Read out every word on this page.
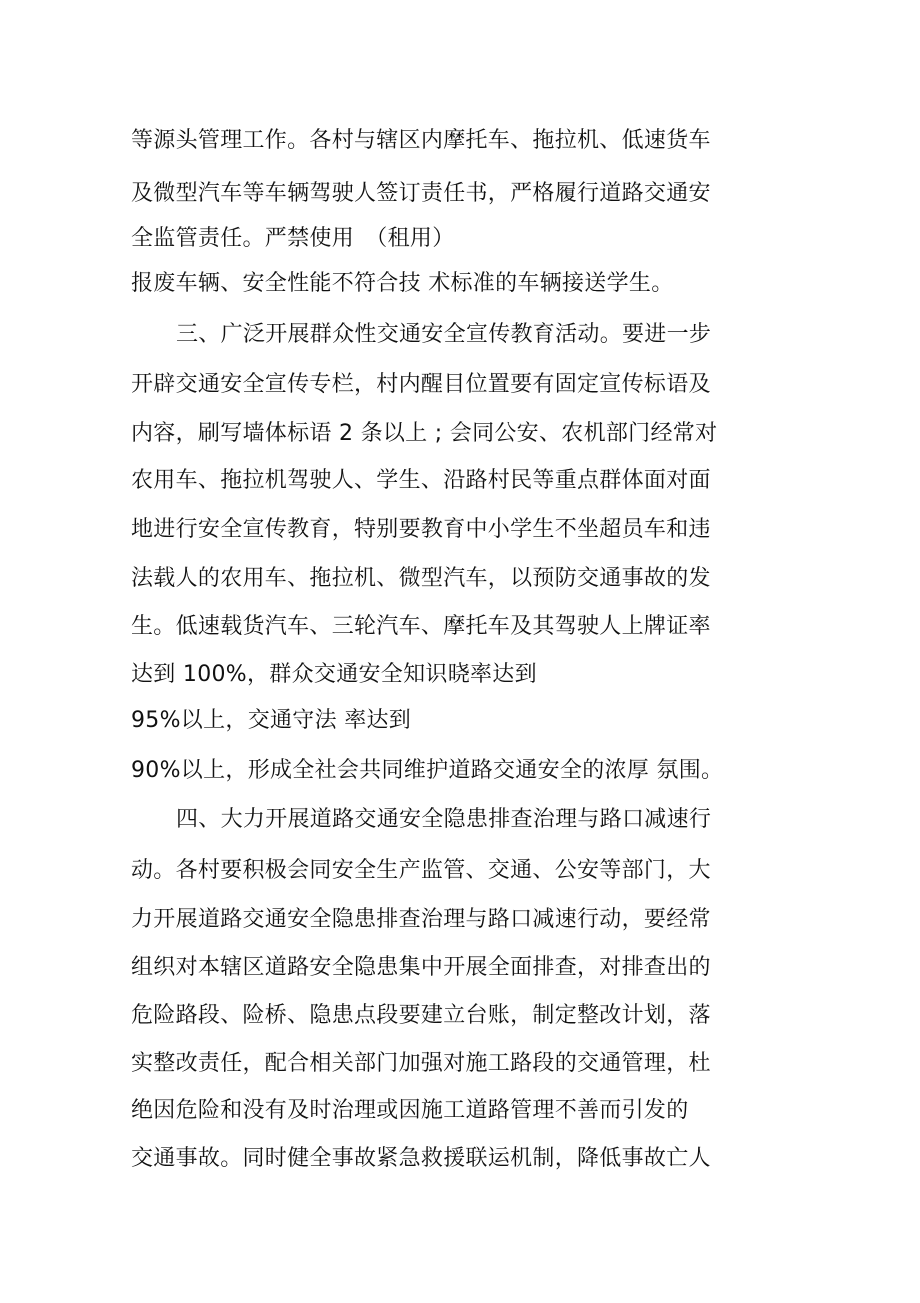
等源头管理工作。各村与辖区内摩托车、拖拉机、低速货车
及微型汽车等车辆驾驶人签订责任书，严格履行道路交通安
全监管责任。严禁使用　（租用）
报废车辆、安全性能不符合技 术标准的车辆接送学生。
三、广泛开展群众性交通安全宣传教育活动。要进一步
开辟交通安全宣传专栏，村内醒目位置要有固定宣传标语及
内容，刷写墙体标语 2 条以上 ; 会同公安、农机部门经常对
农用车、拖拉机驾驶人、学生、沿路村民等重点群体面对面
地进行安全宣传教育，特别要教育中小学生不坐超员车和违
法载人的农用车、拖拉机、微型汽车，以预防交通事故的发
生。低速载货汽车、三轮汽车、摩托车及其驾驶人上牌证率
达到 100%，群众交通安全知识晓率达到
95%以上，交通守法 率达到
90%以上，形成全社会共同维护道路交通安全的浓厚 氛围。
四、大力开展道路交通安全隐患排查治理与路口减速行
动。各村要积极会同安全生产监管、交通、公安等部门，大
力开展道路交通安全隐患排查治理与路口减速行动，要经常
组织对本辖区道路安全隐患集中开展全面排查，对排查出的
危险路段、险桥、隐患点段要建立台账，制定整改计划，落
实整改责任，配合相关部门加强对施工路段的交通管理，杜
绝因危险和没有及时治理或因施工道路管理不善而引发的
交通事故。同时健全事故紧急救援联运机制，降低事故亡人
